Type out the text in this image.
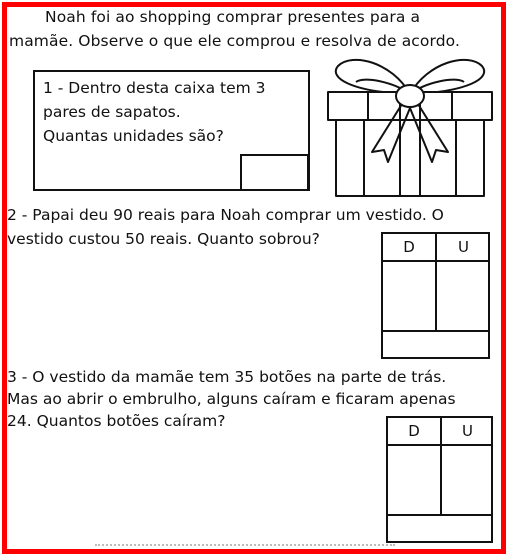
Noah foi ao shopping comprar presentes para a
mamãe. Observe o que ele comprou e resolva de acordo.
1 - Dentro desta caixa tem 3
pares de sapatos.
Quantas unidades são?
2 - Papai deu 90 reais para Noah comprar um vestido. O
vestido custou 50 reais. Quanto sobrou?	D	U
3 - O vestido da mamãe tem 35 botões na parte de trás.
Mas ao abrir o embrulho, alguns caíram e ficaram apenas
24. Quantos botões caíram?
D	U
